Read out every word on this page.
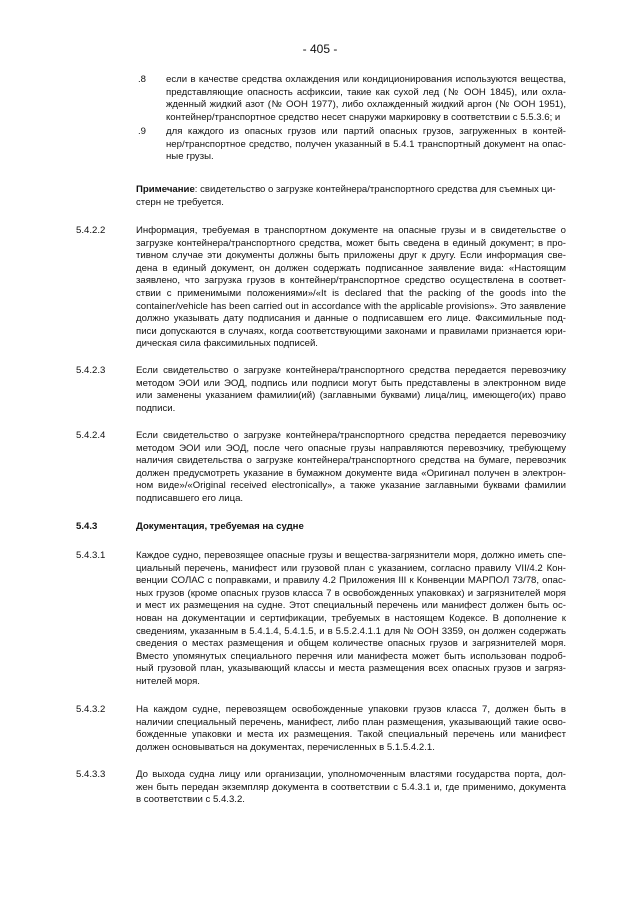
- 405 -
.8 если в качестве средства охлаждения или кондиционирования используются вещества,
представляющие опасность асфиксии, такие как сухой лед (№ ООН 1845), или охла-
жденный жидкий азот (№ ООН 1977), либо охлажденный жидкий аргон (№ ООН 1951),
контейнер/транспортное средство несет снаружи маркировку в соответствии с 5.5.3.6; и
.9 для каждого из опасных грузов или партий опасных грузов, загруженных в контей-
нер/транспортное средство, получен указанный в 5.4.1 транспортный документ на опас-
ные грузы.
Примечание: свидетельство о загрузке контейнера/транспортного средства для съемных ци-
стерн не требуется.
5.4.2.2	Информация, требуемая в транспортном документе на опасные грузы и в свидетельстве о
загрузке контейнера/транспортного средства, может быть сведена в единый документ; в про-
тивном случае эти документы должны быть приложены друг к другу. Если информация све-
дена в единый документ, он должен содержать подписанное заявление вида: «Настоящим
заявлено, что загрузка грузов в контейнер/транспортное средство осуществлена в соответ-
ствии с применимыми положениями»/«It is declared that the packing of the goods into the
container/vehicle has been carried out in accordance with the applicable provisions». Это заявление
должно указывать дату подписания и данные о подписавшем его лице. Факсимильные под-
писи допускаются в случаях, когда соответствующими законами и правилами признается юри-
дическая сила факсимильных подписей.
5.4.2.3	Если свидетельство о загрузке контейнера/транспортного средства передается перевозчику
методом ЭОИ или ЭОД, подпись или подписи могут быть представлены в электронном виде
или заменены указанием фамилии(ий) (заглавными буквами) лица/лиц, имеющего(их) право
подписи.
5.4.2.4	Если свидетельство о загрузке контейнера/транспортного средства передается перевозчику
методом ЭОИ или ЭОД, после чего опасные грузы направляются перевозчику, требующему
наличия свидетельства о загрузке контейнера/транспортного средства на бумаге, перевозчик
должен предусмотреть указание в бумажном документе вида «Оригинал получен в электрон-
ном виде»/«Original received electronically», а также указание заглавными буквами фамилии
подписавшего его лица.
5.4.3	Документация, требуемая на судне
5.4.3.1	Каждое судно, перевозящее опасные грузы и вещества-загрязнители моря, должно иметь спе-
циальный перечень, манифест или грузовой план с указанием, согласно правилу VII/4.2 Кон-
венции СОЛАС с поправками, и правилу 4.2 Приложения III к Конвенции МАРПОЛ 73/78, опас-
ных грузов (кроме опасных грузов класса 7 в освобожденных упаковках) и загрязнителей моря
и мест их размещения на судне. Этот специальный перечень или манифест должен быть ос-
нован на документации и сертификации, требуемых в настоящем Кодексе. В дополнение к
сведениям, указанным в 5.4.1.4, 5.4.1.5, и в 5.5.2.4.1.1 для № ООН 3359, он должен содержать
сведения о местах размещения и общем количестве опасных грузов и загрязнителей моря.
Вместо упомянутых специального перечня или манифеста может быть использован подроб-
ный грузовой план, указывающий классы и места размещения всех опасных грузов и загряз-
нителей моря.
5.4.3.2	На каждом судне, перевозящем освобожденные упаковки грузов класса 7, должен быть в
наличии специальный перечень, манифест, либо план размещения, указывающий такие осво-
божденные упаковки и места их размещения. Такой специальный перечень или манифест
должен основываться на документах, перечисленных в 5.1.5.4.2.1.
5.4.3.3	До выхода судна лицу или организации, уполномоченным властями государства порта, дол-
жен быть передан экземпляр документа в соответствии с 5.4.3.1 и, где применимо, документа
в соответствии с 5.4.3.2.
